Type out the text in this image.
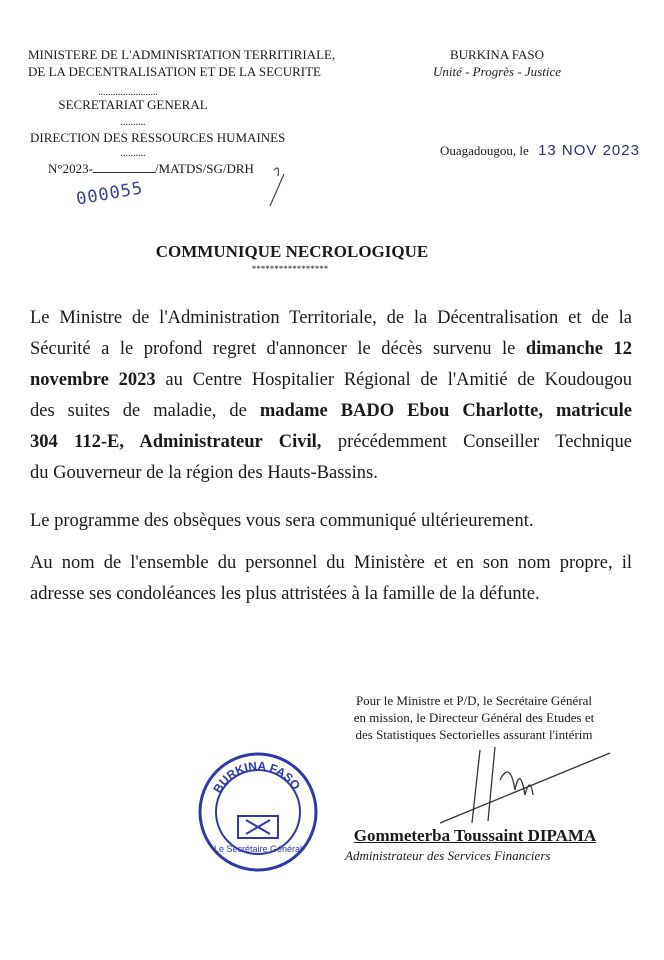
MINISTERE DE L'ADMINISRTATION TERRITIRIALE,
DE LA DECENTRALISATION ET DE LA SECURITE
........................
SECRETARIAT GENERAL
..........
DIRECTION DES RESSOURCES HUMAINES
..........
N°2023-	/MATDS/SG/DRH
000055
BURKINA FASO
Unité - Progrès - Justice
Ouagadougou, le 13 NOV 2023
COMMUNIQUE NECROLOGIQUE
*****************
Le Ministre de l'Administration Territoriale, de la Décentralisation et de la
Sécurité a le profond regret d'annoncer le décès survenu le dimanche 12
novembre 2023 au Centre Hospitalier Régional de l'Amitié de Koudougou
des suites de maladie, de madame BADO Ebou Charlotte, matricule
304 112-E, Administrateur Civil, précédemment Conseiller Technique
du Gouverneur de la région des Hauts-Bassins.
Le programme des obsèques vous sera communiqué ultérieurement.
Au nom de l'ensemble du personnel du Ministère et en son nom propre, il
adresse ses condoléances les plus attristées à la famille de la défunte.
Pour le Ministre et P/D, le Secrétaire Général
en mission, le Directeur Général des Etudes et
des Statistiques Sectorielles assurant l'intérim
BURKINA FASO
Le Secrétaire Général
Gommeterba Toussaint DIPAMA
Administrateur des Services Financiers
